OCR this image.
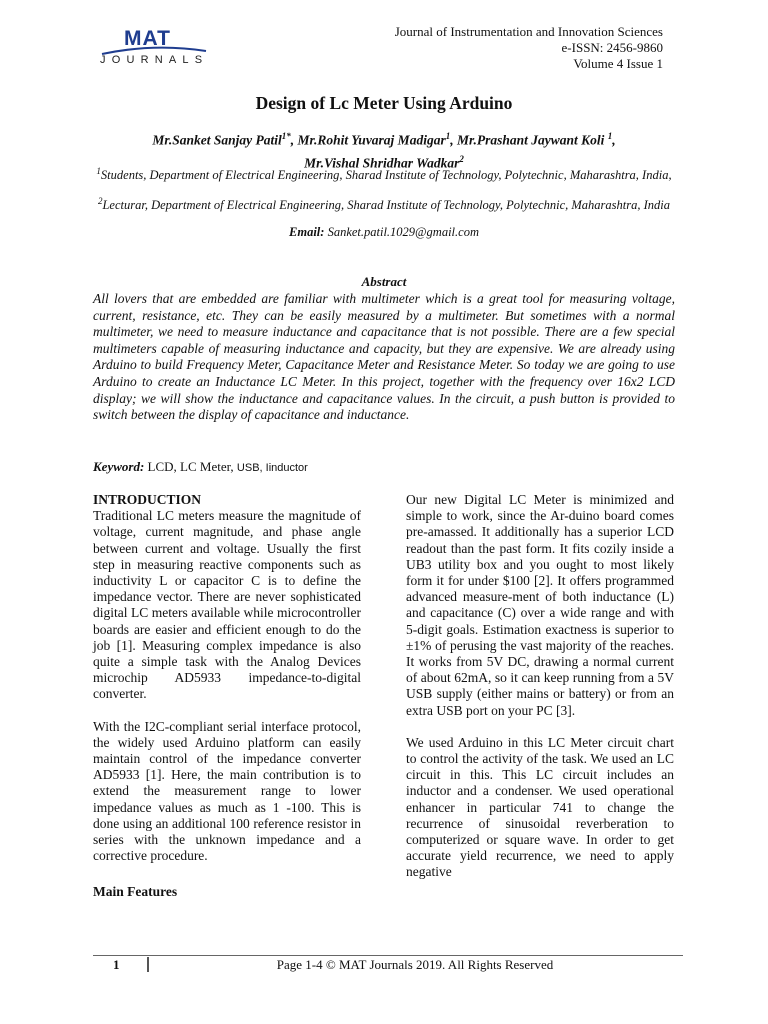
MAT
JOURNALS
Journal of Instrumentation and Innovation Sciences
e-ISSN: 2456-9860
Volume 4 Issue 1
Design of Lc Meter Using Arduino
Mr.Sanket Sanjay Patil$^{1*}$, Mr.Rohit Yuvaraj Madigar$^1$, Mr.Prashant Jaywant Koli $^1$,
Mr.Vishal Shridhar Wadkar$^2$
$^1$Students, Department of Electrical Engineering, Sharad Institute of Technology, Polytechnic, Maharashtra, India,
$^2$Lecturar, Department of Electrical Engineering, Sharad Institute of Technology, Polytechnic, Maharashtra, India
Email: Sanket.patil.1029@gmail.com
Abstract
All lovers that are embedded are familiar with multimeter which is a great tool for measuring voltage, current, resistance, etc. They can be easily measured by a multimeter. But sometimes with a normal multimeter, we need to measure inductance and capacitance that is not possible. There are a few special multimeters capable of measuring inductance and capacity, but they are expensive. We are already using Arduino to build Frequency Meter, Capacitance Meter and Resistance Meter. So today we are going to use Arduino to create an Inductance LC Meter. In this project, together with the frequency over 16x2 LCD display; we will show the inductance and capacitance values. In the circuit, a push button is provided to switch between the display of capacitance and inductance.
Keyword: LCD, LC Meter, USB, Iinductor

INTRODUCTION
Traditional LC meters measure the magnitude of voltage, current magnitude, and phase angle between current and voltage. Usually the first step in measuring reactive components such as inductivity L or capacitor C is to define the impedance vector. There are never sophisticated digital LC meters available while microcontroller boards are easier and efficient enough to do the job [1]. Measuring complex impedance is also quite a simple task with the Analog Devices microchip AD5933 impedance-to-digital converter.

With the I2C-compliant serial interface protocol, the widely used Arduino platform can easily maintain control of the impedance converter AD5933 [1]. Here, the main contribution is to extend the measurement range to lower impedance values as much as 1 -100. This is done using an additional 100 reference resistor in series with the unknown impedance and a corrective procedure.

Main Features

Our new Digital LC Meter is minimized and simple to work, since the Ar-duino board comes pre-amassed. It additionally has a superior LCD readout than the past form. It fits cozily inside a UB3 utility box and you ought to most likely form it for under $100 [2]. It offers programmed advanced measure-ment of both inductance (L) and capacitance (C) over a wide range and with 5-digit goals. Estimation exactness is superior to ±1% of perusing the vast majority of the reaches. It works from 5V DC, drawing a normal current of about 62mA, so it can keep running from a 5V USB supply (either mains or battery) or from an extra USB port on your PC [3].

We used Arduino in this LC Meter circuit chart to control the activity of the task. We used an LC circuit in this. This LC circuit includes an inductor and a condenser. We used operational enhancer in particular 741 to change the recurrence of sinusoidal reverberation to computerized or square wave. In order to get accurate yield recurrence, we need to apply negative

1	Page 1-4 © MAT Journals 2019. All Rights Reserved
